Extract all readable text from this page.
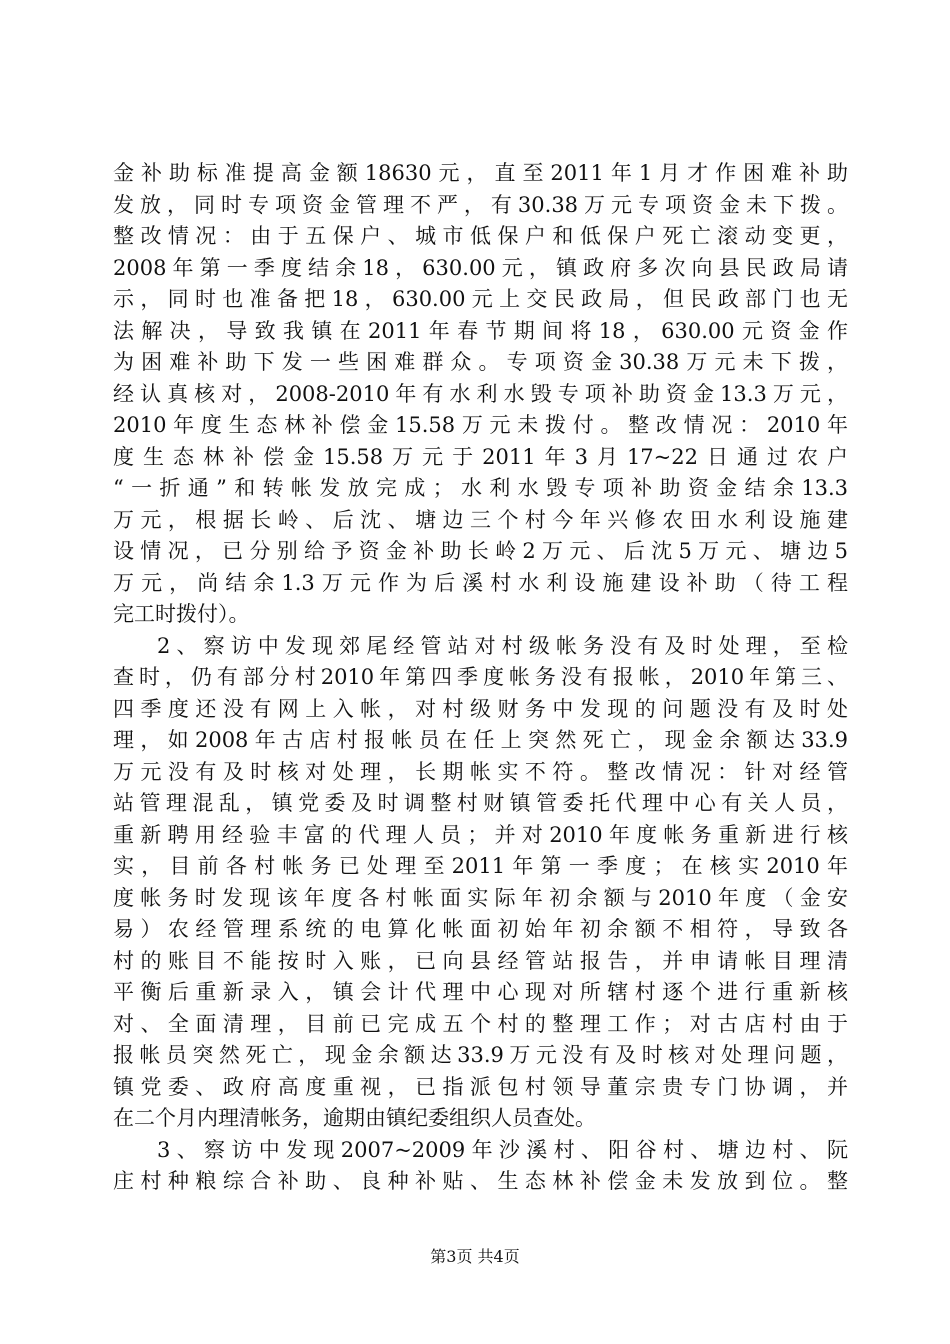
金补助标准提高金额18630元，直至2011年1月才作困难补助
发放，同时专项资金管理不严，有30.38万元专项资金未下拨。
整改情况：由于五保户、城市低保户和低保户死亡滚动变更，
2008年第一季度结余18，630.00元，镇政府多次向县民政局请
示，同时也准备把18，630.00元上交民政局，但民政部门也无
法解决，导致我镇在2011年春节期间将18，630.00元资金作
为困难补助下发一些困难群众。专项资金30.38万元未下拨，
经认真核对，2008-2010年有水利水毁专项补助资金13.3万元，
2010年度生态林补偿金15.58万元未拨付。整改情况：2010年
度生态林补偿金15.58万元于2011年3月17~22日通过农户
“一折通”和转帐发放完成；水利水毁专项补助资金结余13.3
万元，根据长岭、后沈、塘边三个村今年兴修农田水利设施建
设情况，已分别给予资金补助长岭2万元、后沈5万元、塘边5
万元，尚结余1.3万元作为后溪村水利设施建设补助（待工程
完工时拨付）。
2、察访中发现郊尾经管站对村级帐务没有及时处理，至检
查时，仍有部分村2010年第四季度帐务没有报帐，2010年第三、
四季度还没有网上入帐，对村级财务中发现的问题没有及时处
理，如2008年古店村报帐员在任上突然死亡，现金余额达33.9
万元没有及时核对处理，长期帐实不符。整改情况：针对经管
站管理混乱，镇党委及时调整村财镇管委托代理中心有关人员，
重新聘用经验丰富的代理人员；并对2010年度帐务重新进行核
实，目前各村帐务已处理至2011年第一季度；在核实2010年
度帐务时发现该年度各村帐面实际年初余额与2010年度（金安
易）农经管理系统的电算化帐面初始年初余额不相符，导致各
村的账目不能按时入账，已向县经管站报告，并申请帐目理清
平衡后重新录入，镇会计代理中心现对所辖村逐个进行重新核
对、全面清理，目前已完成五个村的整理工作；对古店村由于
报帐员突然死亡，现金余额达33.9万元没有及时核对处理问题，
镇党委、政府高度重视，已指派包村领导董宗贵专门协调，并
在二个月内理清帐务，逾期由镇纪委组织人员查处。
3、察访中发现2007~2009年沙溪村、阳谷村、塘边村、阮
庄村种粮综合补助、良种补贴、生态林补偿金未发放到位。整
第3页 共4页
